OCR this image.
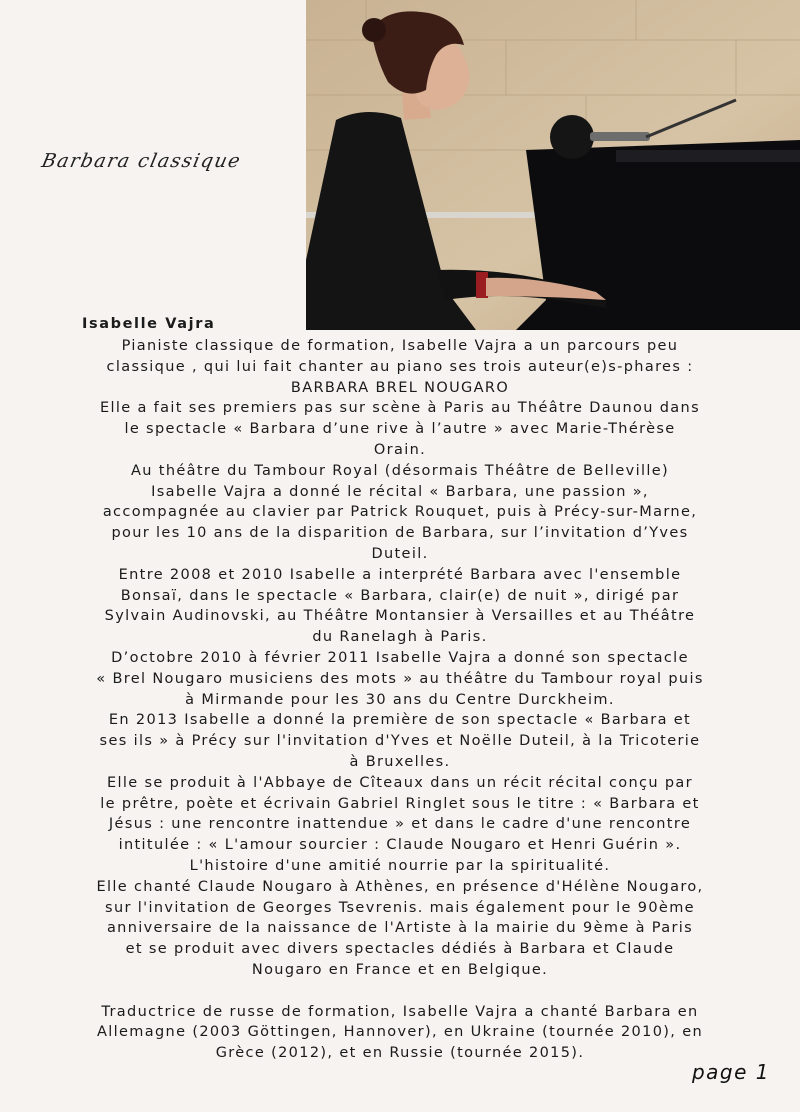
Barbara classique
Isabelle Vajra

Pianiste classique de formation, Isabelle Vajra a un parcours peu

classique , qui lui fait chanter au piano ses trois auteur(e)s-phares :

BARBARA BREL NOUGARO

Elle a fait ses premiers pas sur scène à Paris au Théâtre Daunou dans

le spectacle « Barbara d’une rive à l’autre » avec Marie-Thérèse

Orain.

Au théâtre du Tambour Royal (désormais Théâtre de Belleville)

Isabelle Vajra a donné le récital « Barbara, une passion »,

accompagnée au clavier par Patrick Rouquet, puis à Précy-sur-Marne,

pour les 10 ans de la disparition de Barbara, sur l’invitation d’Yves

Duteil.

Entre 2008 et 2010 Isabelle a interprété Barbara avec l'ensemble

Bonsaï, dans le spectacle « Barbara, clair(e) de nuit », dirigé par

Sylvain Audinovski, au Théâtre Montansier à Versailles et au Théâtre

du Ranelagh à Paris.

D’octobre 2010 à février 2011 Isabelle Vajra a donné son spectacle

« Brel Nougaro musiciens des mots » au théâtre du Tambour royal puis

à Mirmande pour les 30 ans du Centre Durckheim.

En 2013 Isabelle a donné la première de son spectacle « Barbara et

ses ils » à Précy sur l'invitation d'Yves et Noëlle Duteil, à la Tricoterie

à Bruxelles.

Elle se produit à l'Abbaye de Cîteaux dans un récit récital conçu par

le prêtre, poète et écrivain Gabriel Ringlet sous le titre : « Barbara et

Jésus : une rencontre inattendue » et dans le cadre d'une rencontre

intitulée : « L'amour sourcier : Claude Nougaro et Henri Guérin ».

L'histoire d'une amitié nourrie par la spiritualité.

Elle chanté Claude Nougaro à Athènes, en présence d'Hélène Nougaro,

sur l'invitation de Georges Tsevrenis. mais également pour le 90ème

anniversaire de la naissance de l'Artiste à la mairie du 9ème à Paris

et se produit avec divers spectacles dédiés à Barbara et Claude

Nougaro en France et en Belgique.

Traductrice de russe de formation, Isabelle Vajra a chanté Barbara en

Allemagne (2003 Göttingen, Hannover), en Ukraine (tournée 2010), en

Grèce (2012), et en Russie (tournée 2015).

page 1
